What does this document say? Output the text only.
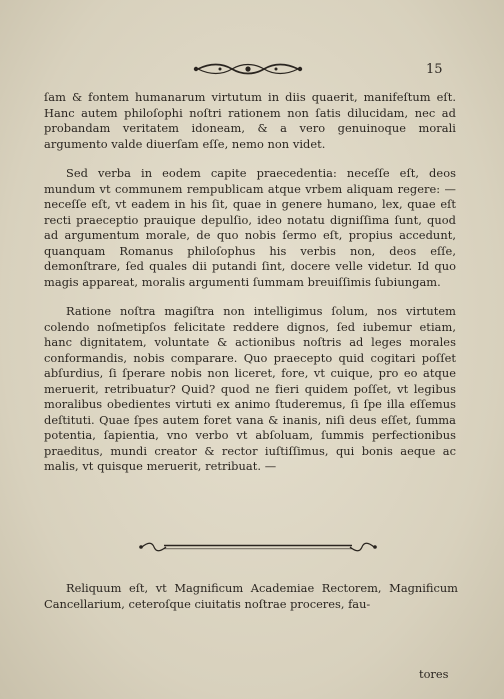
15

ſam & fontem humanarum virtutum in diis quaerit, manifeſtum eſt. Hanc autem philoſophi noſtri rationem non ſatis dilucidam, nec ad probandam veritatem idoneam, & a vero genuinoque morali argumento valde diuerſam eſſe, nemo non videt.

Sed verba in eodem capite praecedentia: neceſſe eſt, deos mundum vt communem rempublicam atque vrbem aliquam regere: — neceſſe eſt, vt eadem in his ſit, quae in genere humano, lex, quae eſt recti praeceptio prauique depulſio, ideo notatu digniſſima ſunt, quod ad argumentum morale, de quo nobis ſermo eſt, propius accedunt, quanquam Romanus philoſophus his verbis non, deos eſſe, demonſtrare, ſed quales dii putandi ſint, docere velle videtur. Id quo magis appareat, moralis argumenti ſummam breuiſſimis ſubiungam.

Ratione noſtra magiſtra non intelligimus ſolum, nos virtutem colendo noſmetipſos felicitate reddere dignos, ſed iubemur etiam, hanc dignitatem, voluntate & actionibus noſtris ad leges morales conformandis, nobis comparare. Quo praecepto quid cogitari poſſet abſurdius, ſi ſperare nobis non liceret, fore, vt cuique, pro eo atque meruerit, retribuatur? Quid? quod ne fieri quidem poſſet, vt legibus moralibus obedientes virtuti ex animo ſtuderemus, ſi ſpe illa eſſemus deſtituti. Quae ſpes autem foret vana & inanis, niſi deus eſſet, ſumma potentia, ſapientia, vno verbo vt abſoluam, ſummis perfectionibus praeditus, mundi creator & rector iuſtiſſimus, qui bonis aeque ac malis, vt quisque meruerit, retribuat. —

Reliquum eſt, vt Magnificum Academiae Rectorem, Magnificum Cancellarium, ceteroſque ciuitatis noſtrae proceres, fau-

tores
